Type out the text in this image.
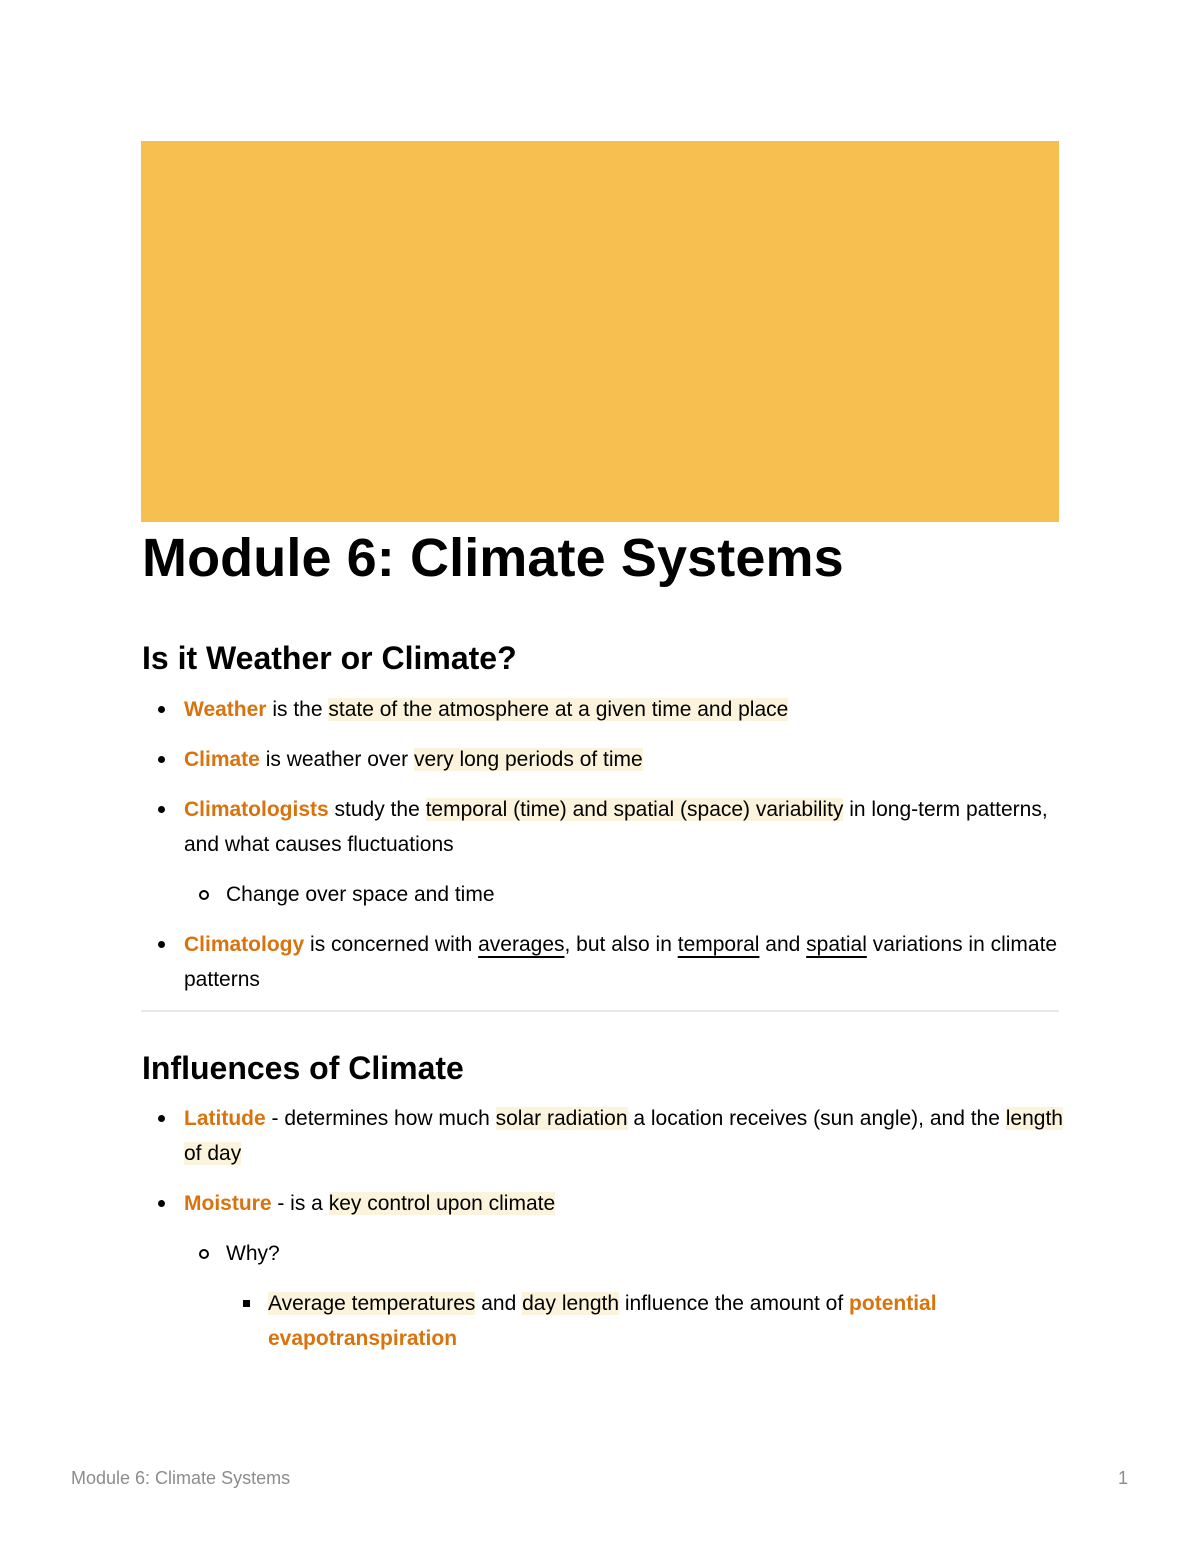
Module 6: Climate Systems
Is it Weather or Climate?
Weather is the state of the atmosphere at a given time and place
Climate is weather over very long periods of time
Climatologists study the temporal (time) and spatial (space) variability in long-term patterns, and what causes fluctuations
Change over space and time
Climatology is concerned with averages, but also in temporal and spatial variations in climate patterns
Influences of Climate
Latitude - determines how much solar radiation a location receives (sun angle), and the length of day
Moisture - is a key control upon climate
Why?
Average temperatures and day length influence the amount of potential evapotranspiration
Module 6: Climate Systems	1
